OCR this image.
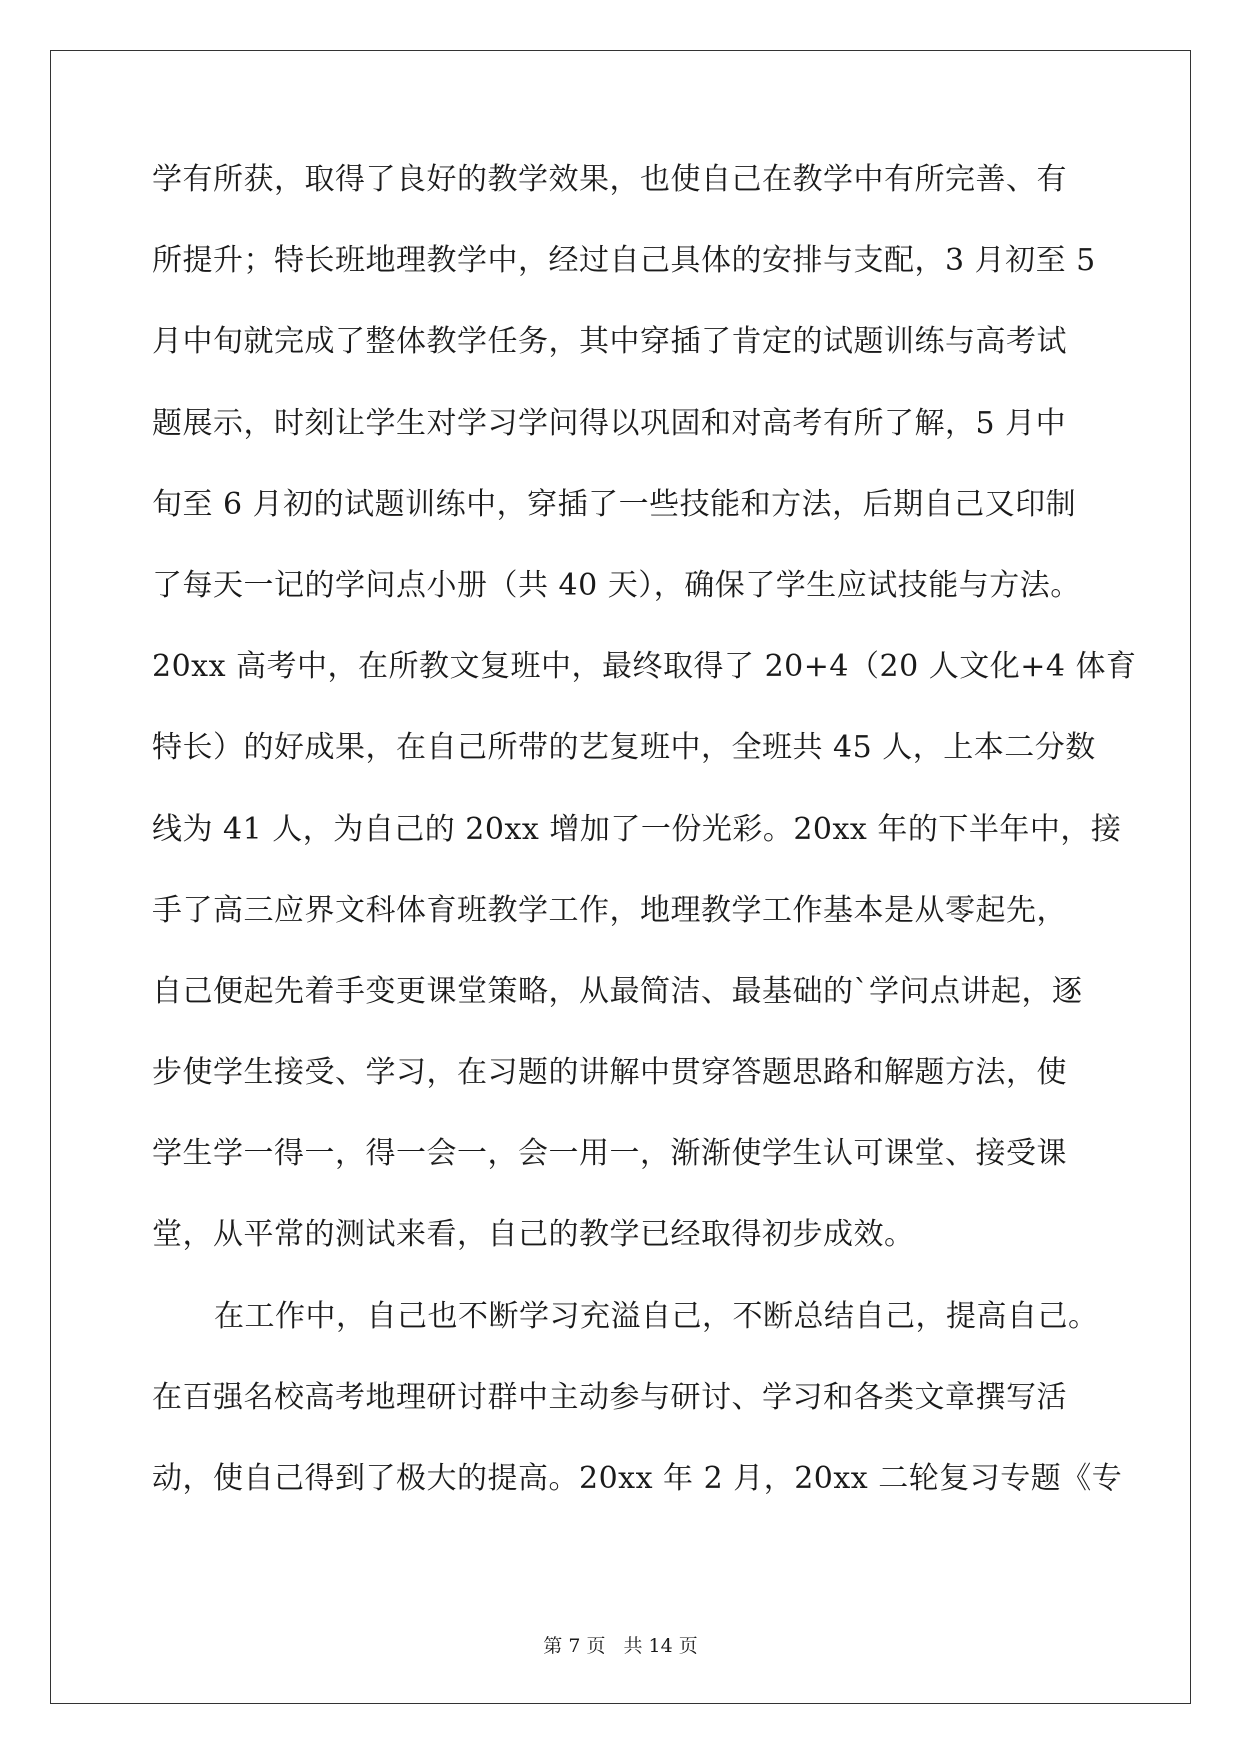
学有所获，取得了良好的教学效果，也使自己在教学中有所完善、有
所提升；特长班地理教学中，经过自己具体的安排与支配，3 月初至 5
月中旬就完成了整体教学任务，其中穿插了肯定的试题训练与高考试
题展示，时刻让学生对学习学问得以巩固和对高考有所了解，5 月中
旬至 6 月初的试题训练中，穿插了一些技能和方法，后期自己又印制
了每天一记的学问点小册（共 40 天），确保了学生应试技能与方法。
20xx 高考中，在所教文复班中，最终取得了 20+4（20 人文化+4 体育
特长）的好成果，在自己所带的艺复班中，全班共 45 人，上本二分数
线为 41 人，为自己的 20xx 增加了一份光彩。20xx 年的下半年中，接
手了高三应界文科体育班教学工作，地理教学工作基本是从零起先，
自己便起先着手变更课堂策略，从最简洁、最基础的`学问点讲起，逐
步使学生接受、学习，在习题的讲解中贯穿答题思路和解题方法，使
学生学一得一，得一会一，会一用一，渐渐使学生认可课堂、接受课
堂，从平常的测试来看，自己的教学已经取得初步成效。
在工作中，自己也不断学习充溢自己，不断总结自己，提高自己。
在百强名校高考地理研讨群中主动参与研讨、学习和各类文章撰写活
动，使自己得到了极大的提高。20xx 年 2 月，20xx 二轮复习专题《专
第 7 页 共 14 页
